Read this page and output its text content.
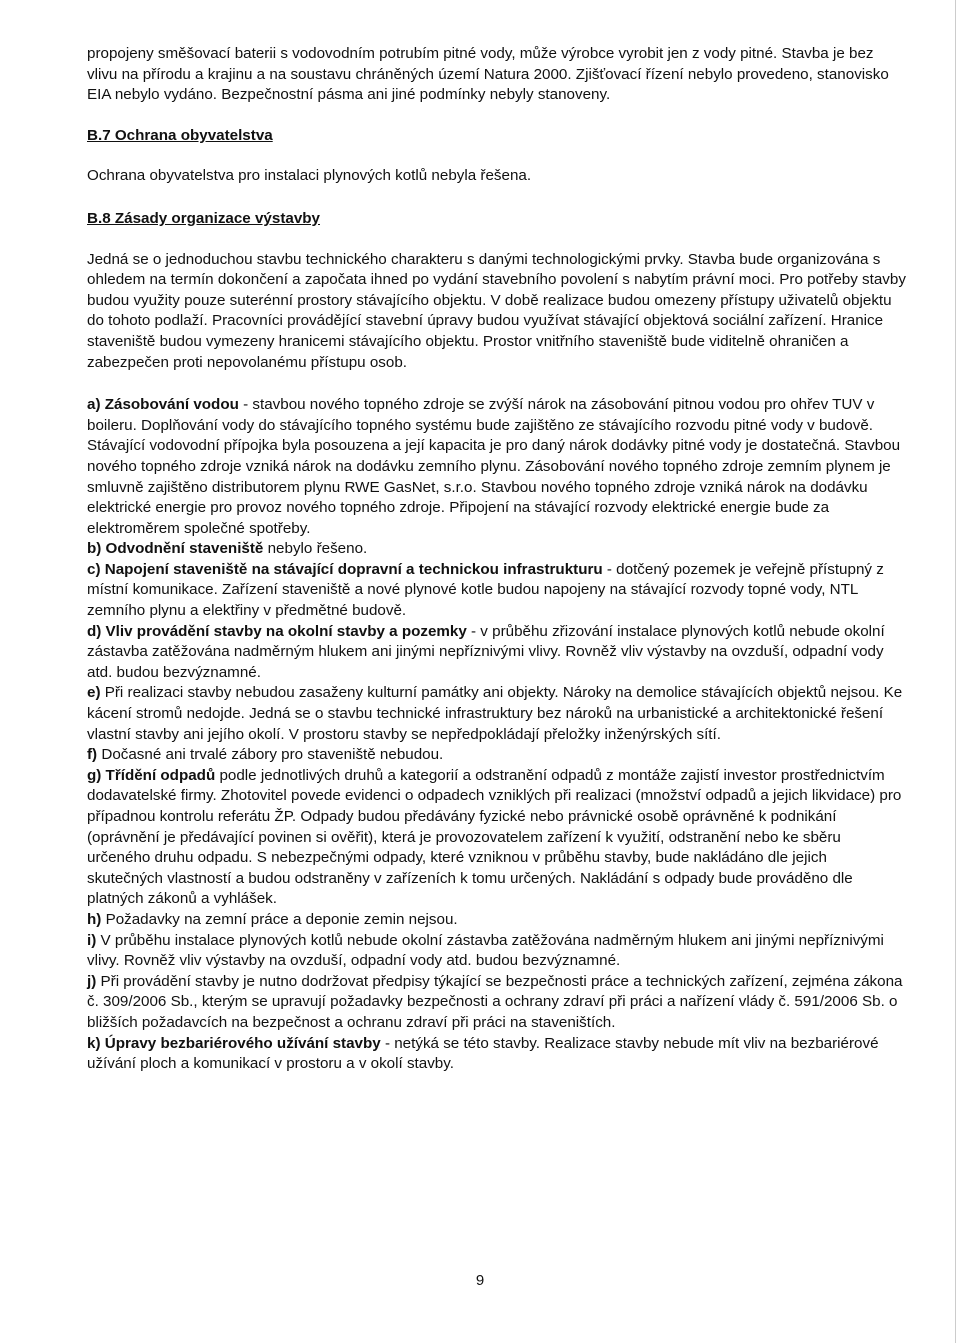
propojeny směšovací baterii s vodovodním potrubím pitné vody, může výrobce vyrobit jen z vody pitné. Stavba je bez vlivu na přírodu a krajinu a na soustavu chráněných území Natura 2000. Zjišťovací řízení nebylo provedeno, stanovisko EIA nebylo vydáno. Bezpečnostní pásma ani jiné podmínky nebyly stanoveny.

B.7 Ochrana obyvatelstva

Ochrana obyvatelstva pro instalaci plynových kotlů nebyla řešena.

B.8 Zásady organizace výstavby

Jedná se o jednoduchou stavbu technického charakteru s danými technologickými prvky. Stavba bude organizována s ohledem na termín dokončení a započata ihned po vydání stavebního povolení s nabytím právní moci. Pro potřeby stavby budou využity pouze suterénní prostory stávajícího objektu. V době realizace budou omezeny přístupy uživatelů objektu do tohoto podlaží. Pracovníci provádějící stavební úpravy budou využívat stávající objektová sociální zařízení. Hranice staveniště budou vymezeny hranicemi stávajícího objektu. Prostor vnitřního staveniště bude viditelně ohraničen a zabezpečen proti nepovolanému přístupu osob.

a) Zásobování vodou - stavbou nového topného zdroje se zvýší nárok na zásobování pitnou vodou pro ohřev TUV v boileru. Doplňování vody do stávajícího topného systému bude zajištěno ze stávajícího rozvodu pitné vody v budově. Stávající vodovodní přípojka byla posouzena a její kapacita je pro daný nárok dodávky pitné vody je dostatečná. Stavbou nového topného zdroje vzniká nárok na dodávku zemního plynu. Zásobování nového topného zdroje zemním plynem je smluvně zajištěno distributorem plynu RWE GasNet, s.r.o. Stavbou nového topného zdroje vzniká nárok na dodávku elektrické energie pro provoz nového topného zdroje. Připojení na stávající rozvody elektrické energie bude za elektroměrem společné spotřeby.

b) Odvodnění staveniště nebylo řešeno.

c) Napojení staveniště na stávající dopravní a technickou infrastrukturu - dotčený pozemek je veřejně přístupný z místní komunikace. Zařízení staveniště a nové plynové kotle budou napojeny na stávající rozvody topné vody, NTL zemního plynu a elektřiny v předmětné budově.

d) Vliv provádění stavby na okolní stavby a pozemky - v průběhu zřizování instalace plynových kotlů nebude okolní zástavba zatěžována nadměrným hlukem ani jinými nepříznivými vlivy. Rovněž vliv výstavby na ovzduší, odpadní vody atd. budou bezvýznamné.

e) Při realizaci stavby nebudou zasaženy kulturní památky ani objekty. Nároky na demolice stávajících objektů nejsou. Ke kácení stromů nedojde. Jedná se o stavbu technické infrastruktury bez nároků na urbanistické a architektonické řešení vlastní stavby ani jejího okolí. V prostoru stavby se nepředpokládají přeložky inženýrských sítí.

f) Dočasné ani trvalé zábory pro staveniště nebudou.

g) Třídění odpadů podle jednotlivých druhů a kategorií a odstranění odpadů z montáže zajistí investor prostřednictvím dodavatelské firmy. Zhotovitel povede evidenci o odpadech vzniklých při realizaci (množství odpadů a jejich likvidace) pro případnou kontrolu referátu ŽP. Odpady budou předávány fyzické nebo právnické osobě oprávněné k podnikání (oprávnění je předávající povinen si ověřit), která je provozovatelem zařízení k využití, odstranění nebo ke sběru určeného druhu odpadu. S nebezpečnými odpady, které vzniknou v průběhu stavby, bude nakládáno dle jejich skutečných vlastností a budou odstraněny v zařízeních k tomu určených. Nakládání s odpady bude prováděno dle platných zákonů a vyhlášek.

h) Požadavky na zemní práce a deponie zemin nejsou.

i) V průběhu instalace plynových kotlů nebude okolní zástavba zatěžována nadměrným hlukem ani jinými nepříznivými vlivy. Rovněž vliv výstavby na ovzduší, odpadní vody atd. budou bezvýznamné.

j) Při provádění stavby je nutno dodržovat předpisy týkající se bezpečnosti práce a technických zařízení, zejména zákona č. 309/2006 Sb., kterým se upravují požadavky bezpečnosti a ochrany zdraví při práci a nařízení vlády č. 591/2006 Sb. o bližších požadavcích na bezpečnost a ochranu zdraví při práci na staveništích.

k) Úpravy bezbariérového užívání stavby - netýká se této stavby. Realizace stavby nebude mít vliv na bezbariérové užívání ploch a komunikací v prostoru a v okolí stavby.

9
